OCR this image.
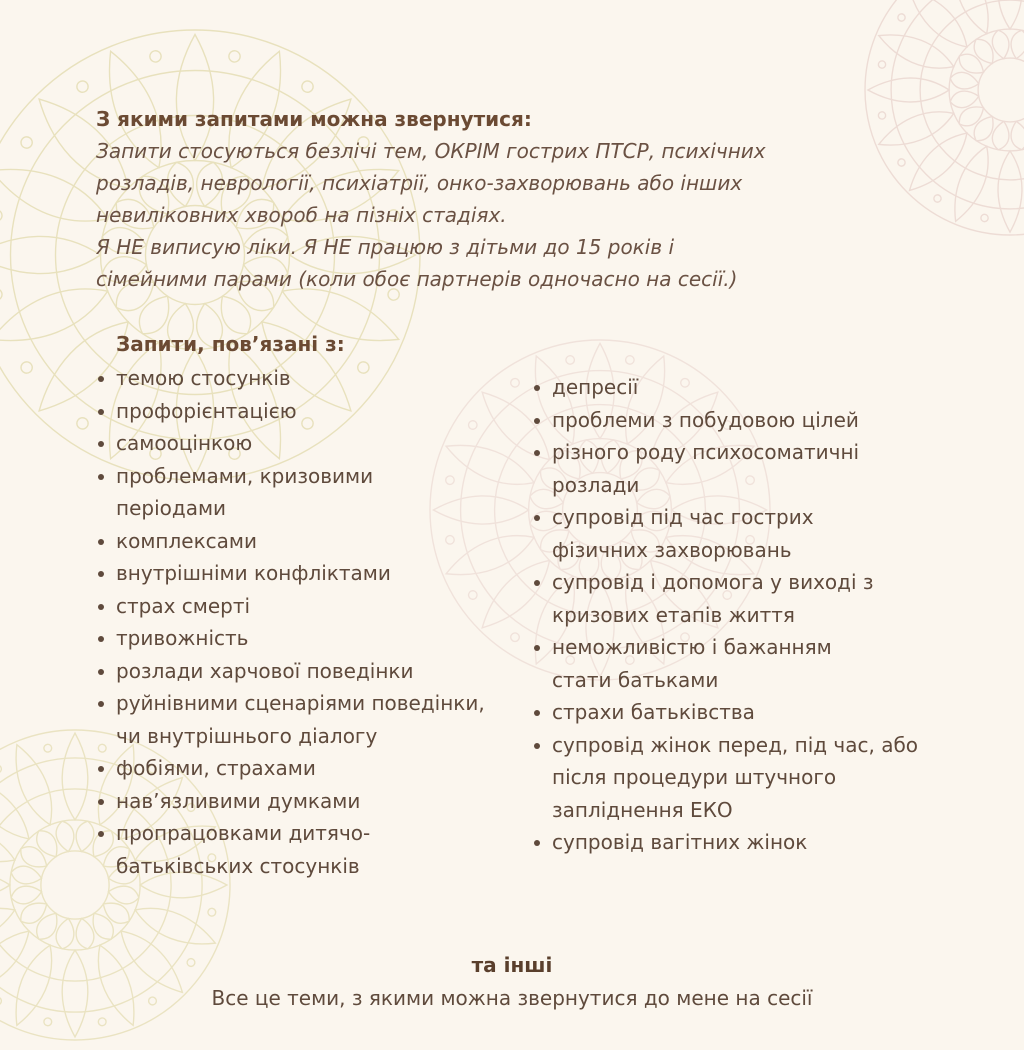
З якими запитами можна звернутися:

Запити стосуються безлічі тем, ОКРІМ гострих ПТСР, психічних

розладів, неврології, психіатрії, онко-захворювань або інших

невиліковних хвороб на пізніх стадіях.

Я НЕ виписую ліки. Я НЕ працюю з дітьми до 15 років і

сімейними парами (коли обоє партнерів одночасно на сесії.)

Запити, пов’язані з:
темою стосунків
профорієнтацією
самооцінкою
проблемами, кризовими періодами
комплексами
внутрішніми конфліктами
страх смерті
тривожність
розлади харчової поведінки
руйнівними сценаріями поведінки, чи внутрішнього діалогу
фобіями, страхами
нав’язливими думками
пропрацовками дитячо-батьківських стосунків
депресії
проблеми з побудовою цілей
різного роду психосоматичні розлади
супровід під час гострих фізичних захворювань
супровід і допомога у виході з кризових етапів життя
неможливістю і бажанням стати батьками
страхи батьківства
супровід жінок перед, під час, або після процедури штучного запліднення ЕКО
супровід вагітних жінок
та інші
Все це теми, з якими можна звернутися до мене на сесії
